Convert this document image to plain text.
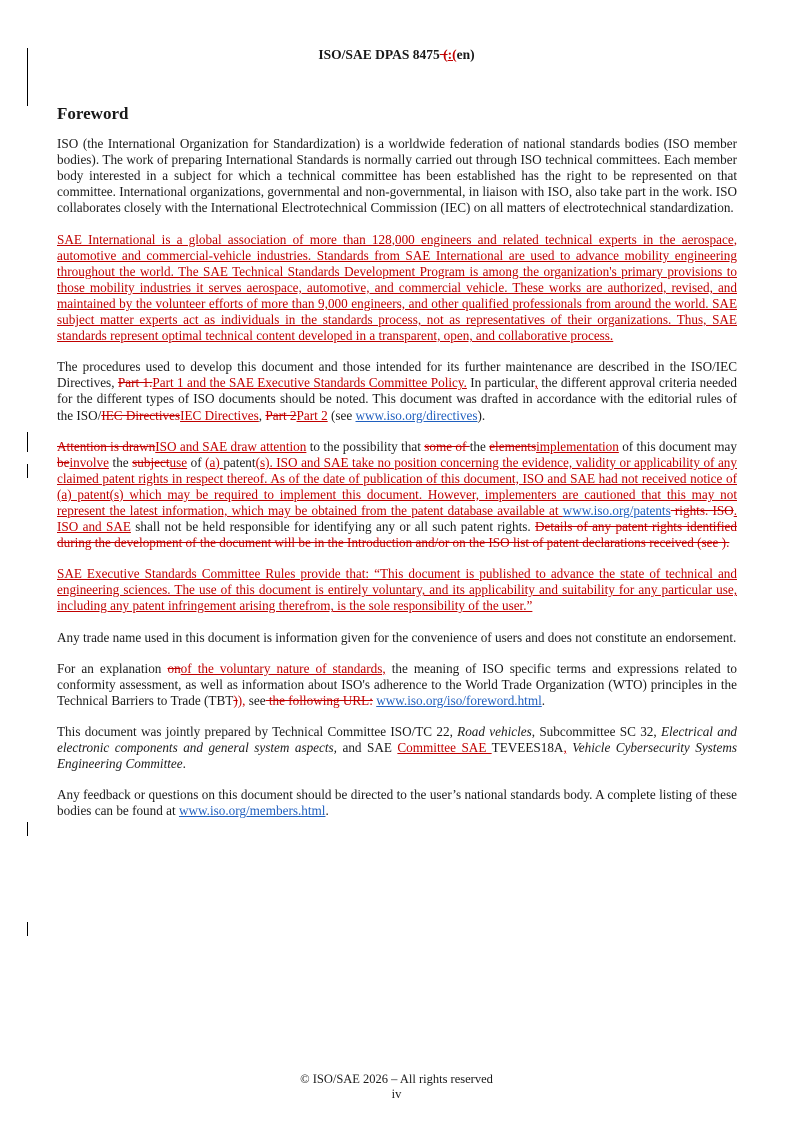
ISO/SAE DPAS 8475 (:(en)
Foreword

ISO (the International Organization for Standardization) is a worldwide federation of national standards bodies (ISO member bodies). The work of preparing International Standards is normally carried out through ISO technical committees. Each member body interested in a subject for which a technical committee has been established has the right to be represented on that committee. International organizations, governmental and non-governmental, in liaison with ISO, also take part in the work. ISO collaborates closely with the International Electrotechnical Commission (IEC) on all matters of electrotechnical standardization.

SAE International is a global association of more than 128,000 engineers and related technical experts in the aerospace, automotive and commercial-vehicle industries. Standards from SAE International are used to advance mobility engineering throughout the world. The SAE Technical Standards Development Program is among the organization's primary provisions to those mobility industries it serves aerospace, automotive, and commercial vehicle. These works are authorized, revised, and maintained by the volunteer efforts of more than 9,000 engineers, and other qualified professionals from around the world. SAE subject matter experts act as individuals in the standards process, not as representatives of their organizations. Thus, SAE standards represent optimal technical content developed in a transparent, open, and collaborative process.

The procedures used to develop this document and those intended for its further maintenance are described in the ISO/IEC Directives, Part 1.Part 1 and the SAE Executive Standards Committee Policy. In particular, the different approval criteria needed for the different types of ISO documents should be noted. This document was drafted in accordance with the editorial rules of the ISO/IEC DirectivesIEC Directives, Part 2Part 2 (see www.iso.org/directives).

Attention is drawnISO and SAE draw attention to the possibility that some of the elementsimplementation of this document may beinvolve the subjectuse of (a) patent(s). ISO and SAE take no position concerning the evidence, validity or applicability of any claimed patent rights in respect thereof. As of the date of publication of this document, ISO and SAE had not received notice of (a) patent(s) which may be required to implement this document. However, implementers are cautioned that this may not represent the latest information, which may be obtained from the patent database available at www.iso.org/patents rights. ISO. ISO and SAE shall not be held responsible for identifying any or all such patent rights. Details of any patent rights identified during the development of the document will be in the Introduction and/or on the ISO list of patent declarations received (see ).

SAE Executive Standards Committee Rules provide that: “This document is published to advance the state of technical and engineering sciences. The use of this document is entirely voluntary, and its applicability and suitability for any particular use, including any patent infringement arising therefrom, is the sole responsibility of the user.”

Any trade name used in this document is information given for the convenience of users and does not constitute an endorsement.

For an explanation onof the voluntary nature of standards, the meaning of ISO specific terms and expressions related to conformity assessment, as well as information about ISO's adherence to the World Trade Organization (WTO) principles in the Technical Barriers to Trade (TBT)), see the following URL: www.iso.org/iso/foreword.html.

This document was jointly prepared by Technical Committee ISO/TC 22, Road vehicles, Subcommittee SC 32, Electrical and electronic components and general system aspects, and SAE Committee SAE TEVEES18A, Vehicle Cybersecurity Systems Engineering Committee.

Any feedback or questions on this document should be directed to the user’s national standards body. A complete listing of these bodies can be found at www.iso.org/members.html.

© ISO/SAE 2026 – All rights reserved
iv
